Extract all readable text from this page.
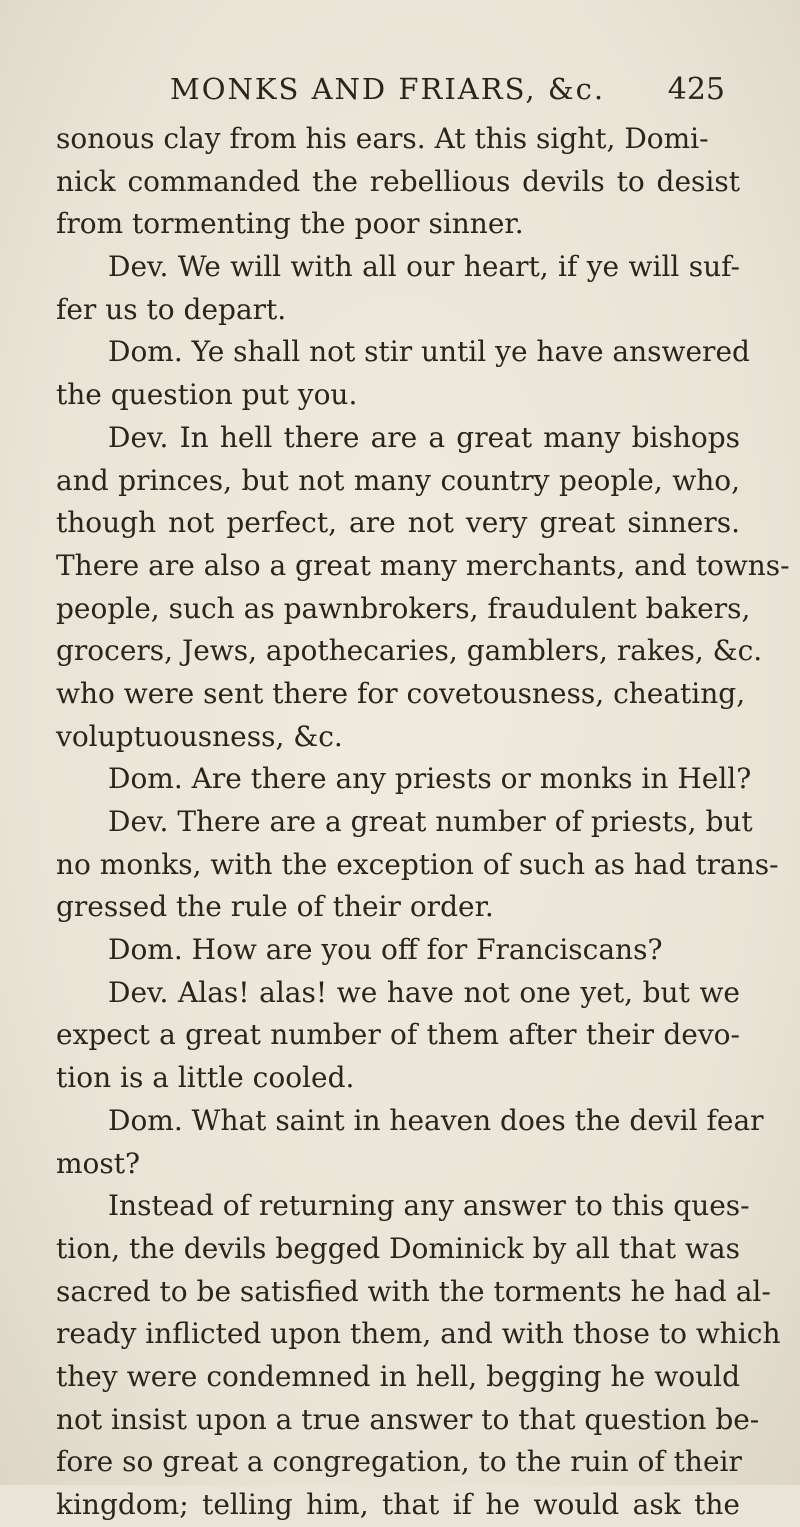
MONKS AND FRIARS, &c. 425
sonous clay from his ears. At this sight, Domi-
nick commanded the rebellious devils to desist
from tormenting the poor sinner.
Dev. We will with all our heart, if ye will suf-
fer us to depart.
Dom. Ye shall not stir until ye have answered
the question put you.
Dev. In hell there are a great many bishops
and princes, but not many country people, who,
though not perfect, are not very great sinners.
There are also a great many merchants, and towns-
people, such as pawnbrokers, fraudulent bakers,
grocers, Jews, apothecaries, gamblers, rakes, &c.
who were sent there for covetousness, cheating,
voluptuousness, &c.
Dom. Are there any priests or monks in Hell?
Dev. There are a great number of priests, but
no monks, with the exception of such as had trans-
gressed the rule of their order.
Dom. How are you off for Franciscans?
Dev. Alas! alas! we have not one yet, but we
expect a great number of them after their devo-
tion is a little cooled.
Dom. What saint in heaven does the devil fear
most?
Instead of returning any answer to this ques-
tion, the devils begged Dominick by all that was
sacred to be satisfied with the torments he had al-
ready inflicted upon them, and with those to which
they were condemned in hell, begging he would
not insist upon a true answer to that question be-
fore so great a congregation, to the ruin of their
kingdom; telling him, that if he would ask the
